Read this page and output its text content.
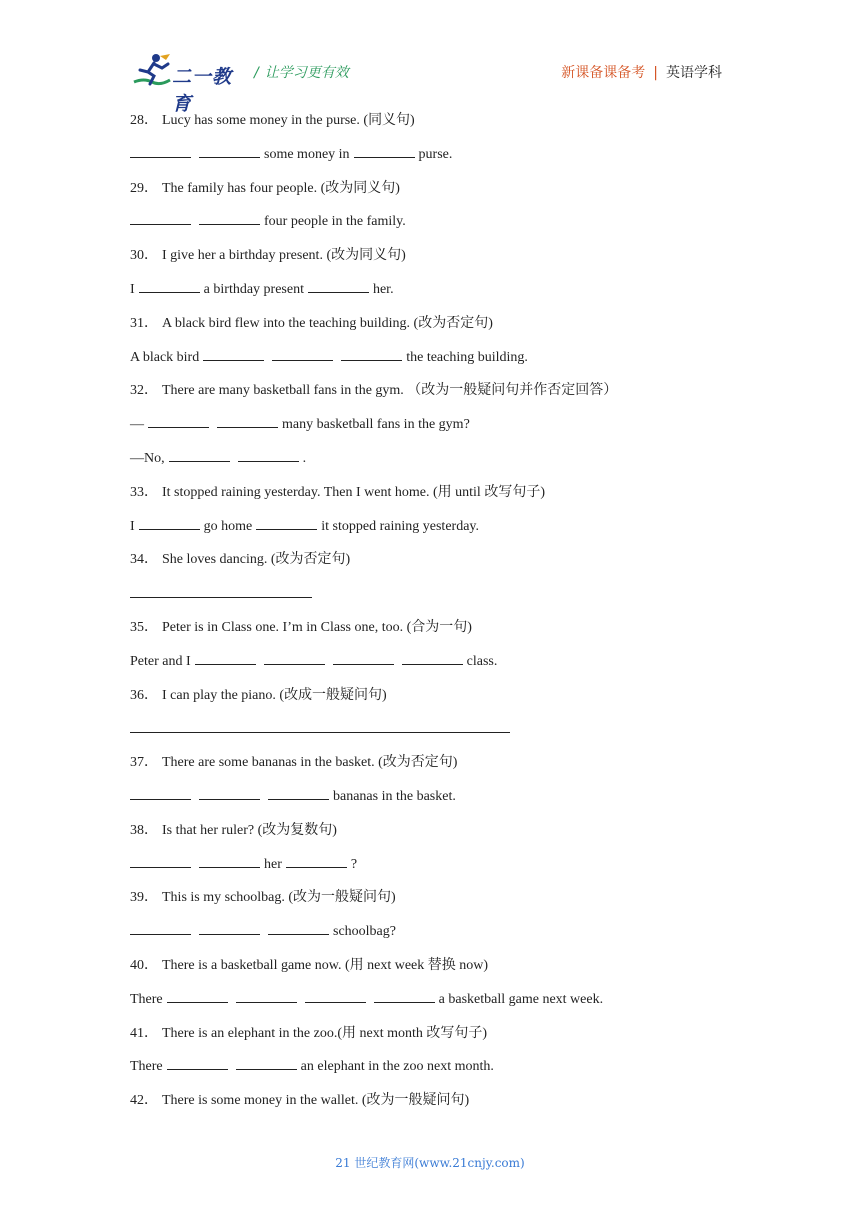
二一教育
/ 让学习更有效	新课备课备考 | 英语学科
28． Lucy has some money in the purse. (同义句)
some money in	purse.
29． The family has four people. (改为同义句)
four people in the family.
30． I give her a birthday present. (改为同义句)
I	a birthday present	her.
31． A black bird flew into the teaching building. (改为否定句)
A black bird	the teaching building.
32． There are many basketball fans in the gym. （改为一般疑问句并作否定回答）
—	many basketball fans in the gym?
—No,	.
33． It stopped raining yesterday. Then I went home. (用 until 改写句子)
I	go home	it stopped raining yesterday.
34． She loves dancing. (改为否定句)
35． Peter is in Class one. I’m in Class one, too. (合为一句)
Peter and I	class.
36． I can play the piano. (改成一般疑问句)
37． There are some bananas in the basket. (改为否定句)
bananas in the basket.
38． Is that her ruler? (改为复数句)
her	?
39． This is my schoolbag. (改为一般疑问句)
schoolbag?
40． There is a basketball game now. (用 next week 替换 now)
There	a basketball game next week.
41． There is an elephant in the zoo.(用 next month 改写句子)
There	an elephant in the zoo next month.
42． There is some money in the wallet. (改为一般疑问句)
21 世纪教育网(www.21cnjy.com)
